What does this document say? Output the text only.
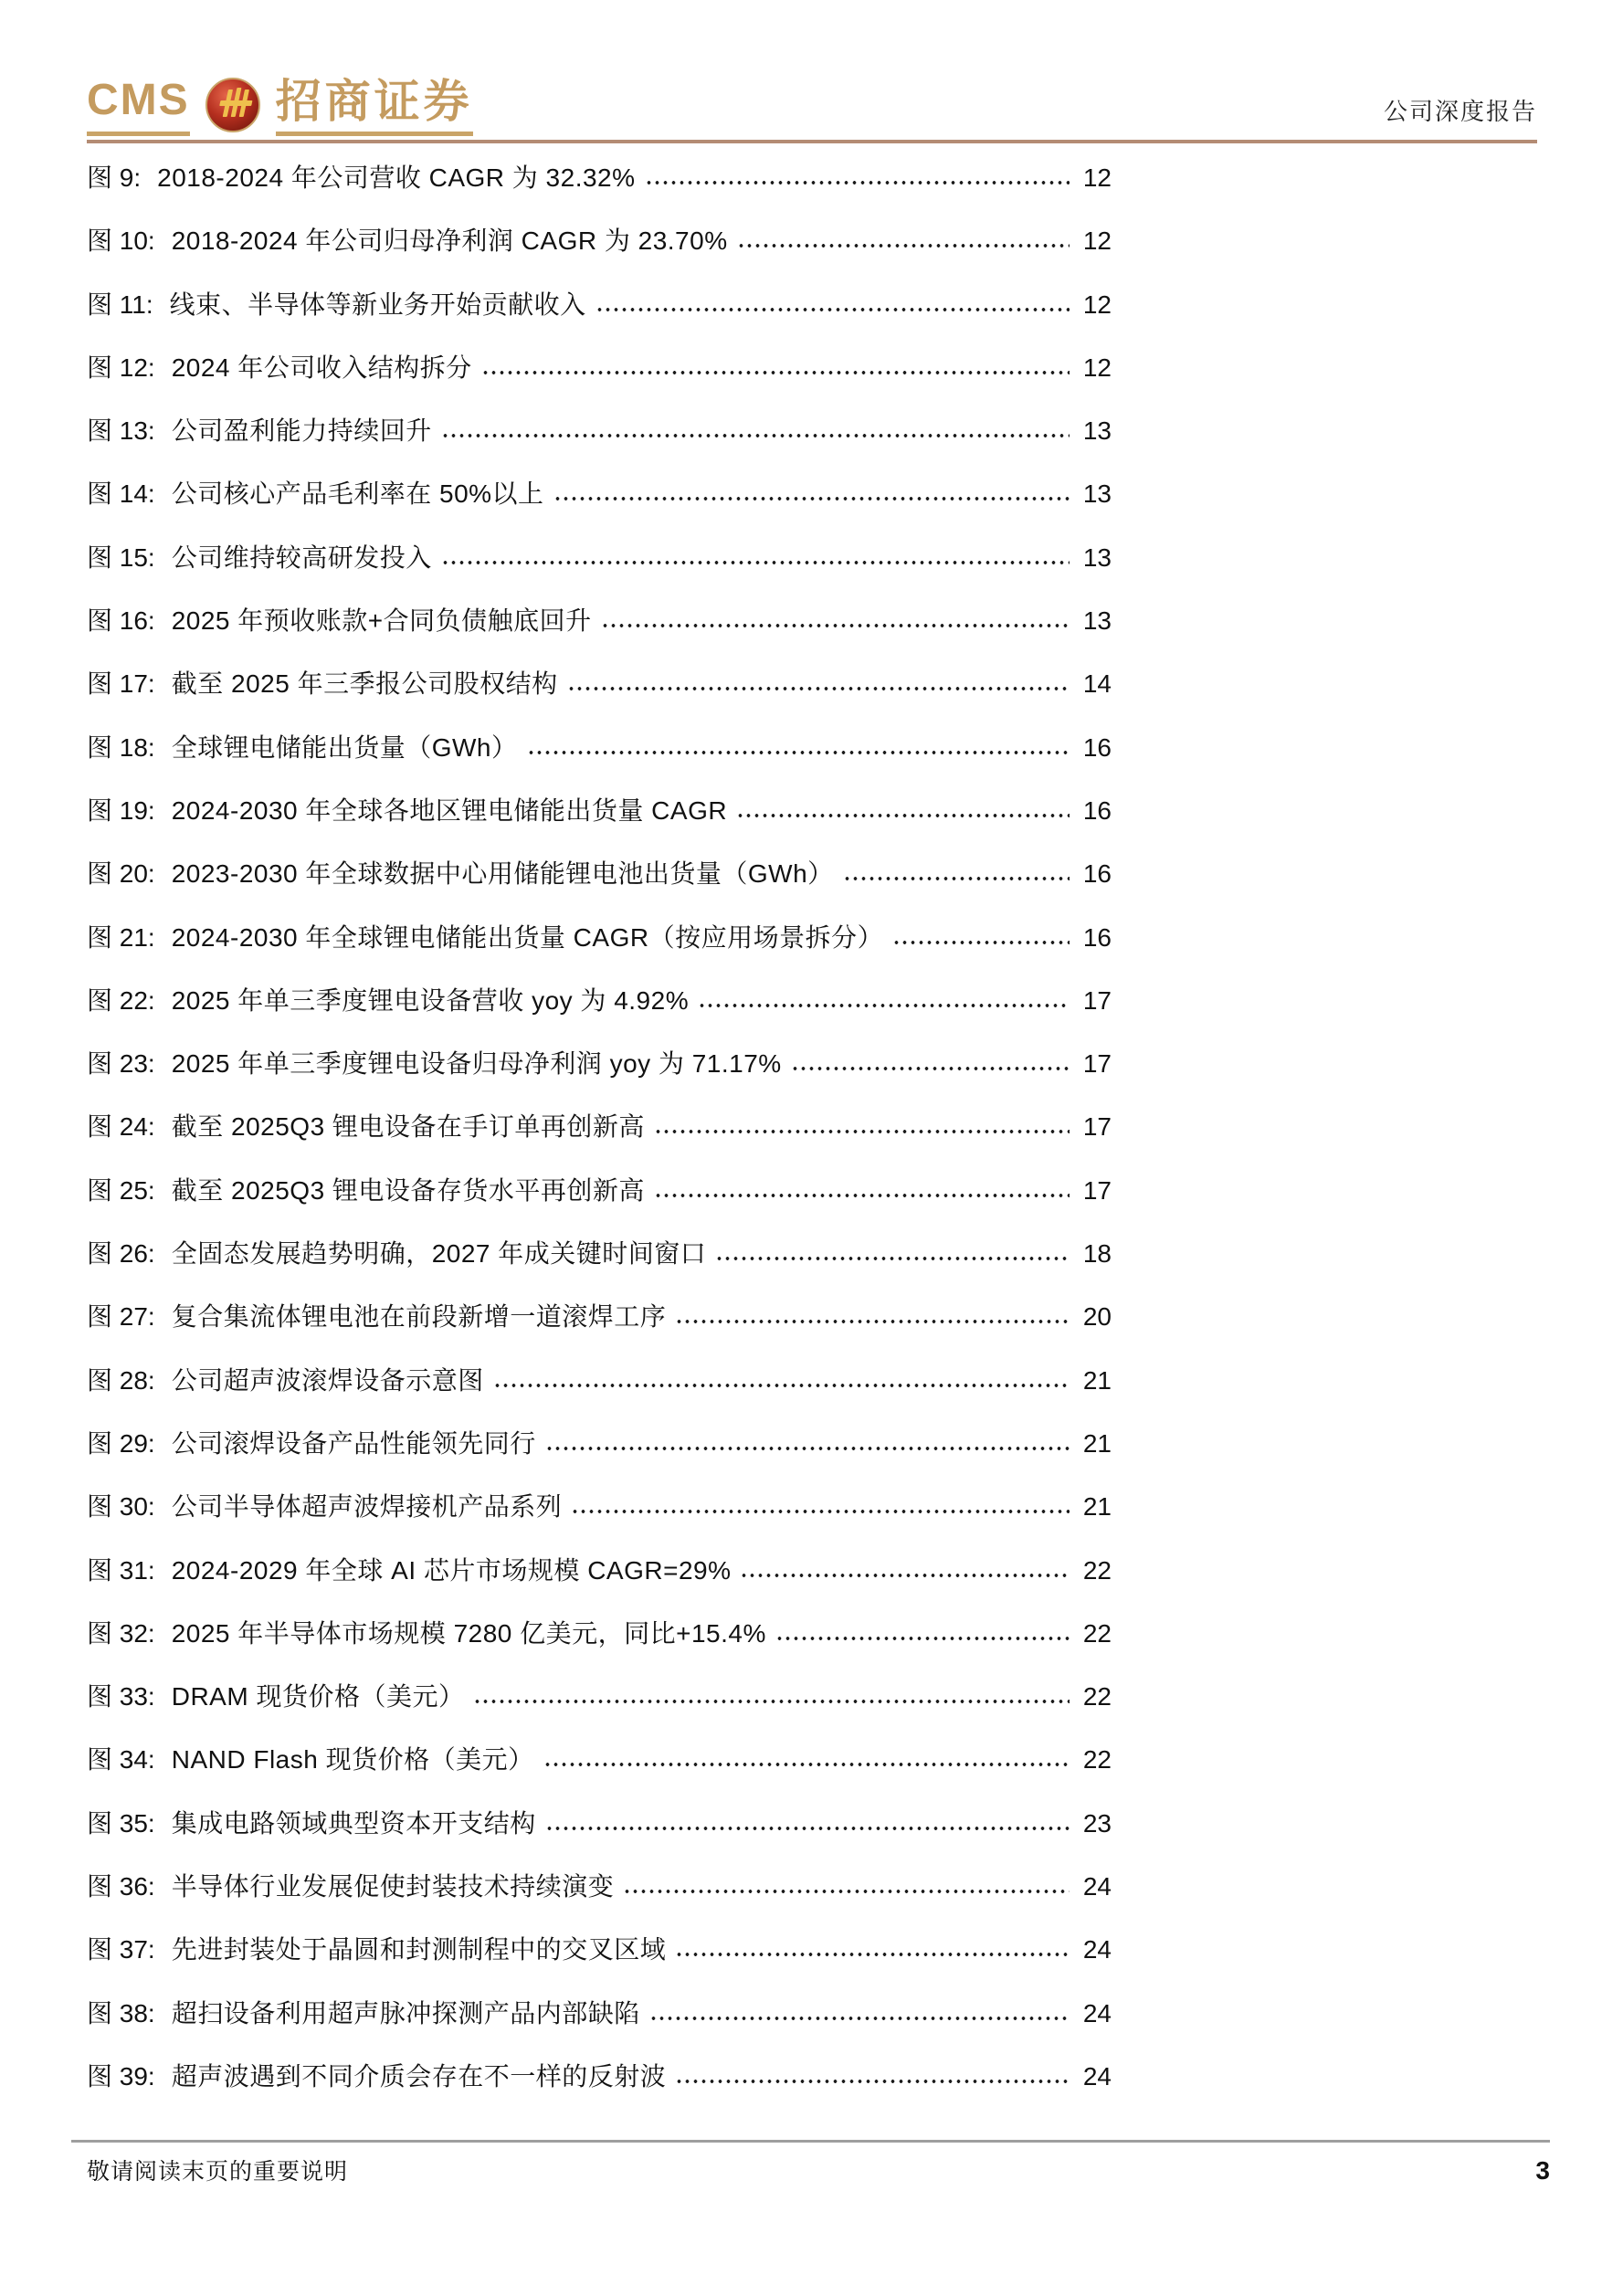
CMS 招商证券	公司深度报告
图 9: 2018-2024 年公司营收 CAGR 为 32.32%	12
图 10: 2018-2024 年公司归母净利润 CAGR 为 23.70%	12
图 11: 线束、半导体等新业务开始贡献收入	12
图 12: 2024 年公司收入结构拆分	12
图 13: 公司盈利能力持续回升	13
图 14: 公司核心产品毛利率在 50%以上	13
图 15: 公司维持较高研发投入	13
图 16: 2025 年预收账款+合同负债触底回升	13
图 17: 截至 2025 年三季报公司股权结构	14
图 18: 全球锂电储能出货量（GWh）	16
图 19: 2024-2030 年全球各地区锂电储能出货量 CAGR	16
图 20: 2023-2030 年全球数据中心用储能锂电池出货量（GWh）	16
图 21: 2024-2030 年全球锂电储能出货量 CAGR（按应用场景拆分）	16
图 22: 2025 年单三季度锂电设备营收 yoy 为 4.92%	17
图 23: 2025 年单三季度锂电设备归母净利润 yoy 为 71.17%	17
图 24: 截至 2025Q3 锂电设备在手订单再创新高	17
图 25: 截至 2025Q3 锂电设备存货水平再创新高	17
图 26: 全固态发展趋势明确，2027 年成关键时间窗口	18
图 27: 复合集流体锂电池在前段新增一道滚焊工序	20
图 28: 公司超声波滚焊设备示意图	21
图 29: 公司滚焊设备产品性能领先同行	21
图 30: 公司半导体超声波焊接机产品系列	21
图 31: 2024-2029 年全球 AI 芯片市场规模 CAGR=29%	22
图 32: 2025 年半导体市场规模 7280 亿美元，同比+15.4%	22
图 33: DRAM 现货价格（美元）	22
图 34: NAND Flash 现货价格（美元）	22
图 35: 集成电路领域典型资本开支结构	23
图 36: 半导体行业发展促使封装技术持续演变	24
图 37: 先进封装处于晶圆和封测制程中的交叉区域	24
图 38: 超扫设备利用超声脉冲探测产品内部缺陷	24
图 39: 超声波遇到不同介质会存在不一样的反射波	24
敬请阅读末页的重要说明	3
